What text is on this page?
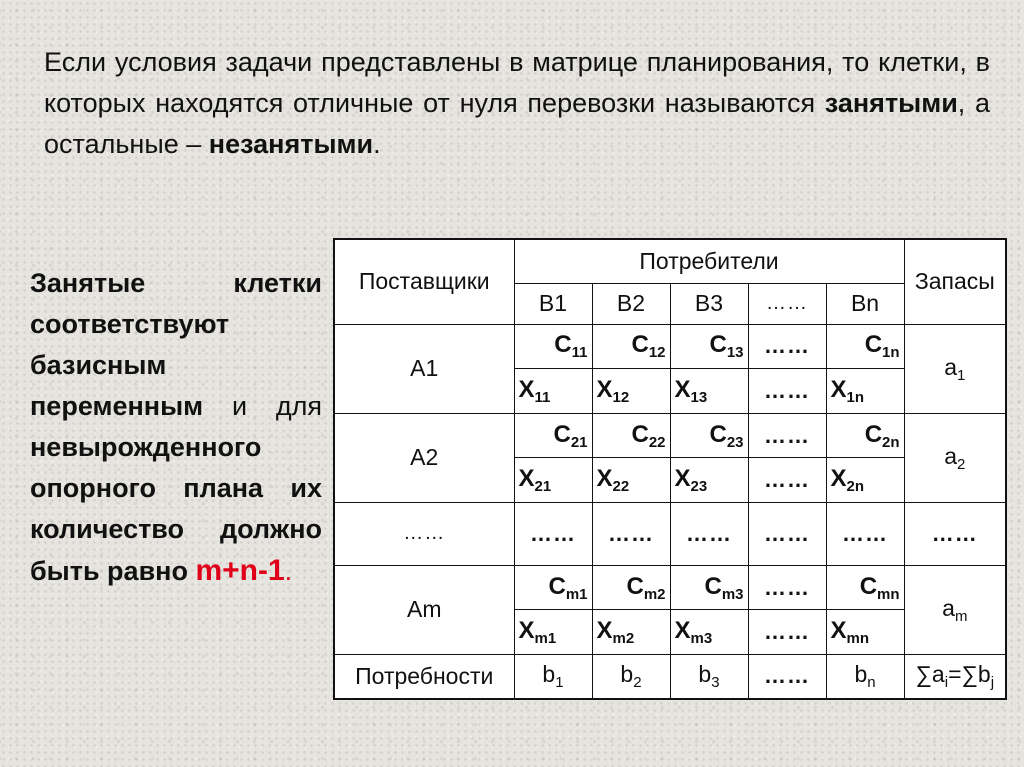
Если условия задачи представлены в матрице планирования, то клетки, в которых находятся отличные от нуля перевозки называются занятыми, а остальные – незанятыми.
Занятые клетки соответствуют базисным переменным и для невырожденного опорного плана их количество должно быть равно m+n-1.
Поставщики	Потребители					Запасы
	В1	В2	В3	……	Вn	
А1	$C_{11}$	$C_{12}$	$C_{13}$	……	$C_{1n}$	$a_1$
	$X_{11}$	$X_{12}$	$X_{13}$	……	$X_{1n}$
А2	$C_{21}$	$C_{22}$	$C_{23}$	……	$C_{2n}$	$a_2$
	$X_{21}$	$X_{22}$	$X_{23}$	……	$X_{2n}$
……	……	……	……	……	……	……
Аm	$C_{m1}$	$C_{m2}$	$C_{m3}$	……	$C_{mn}$	$a_m$
	$X_{m1}$	$X_{m2}$	$X_{m3}$	……	$X_{mn}$
Потребности	$b_1$	$b_2$	$b_3$	……	$b_n$	$\sum a_i=\sum b_j$
